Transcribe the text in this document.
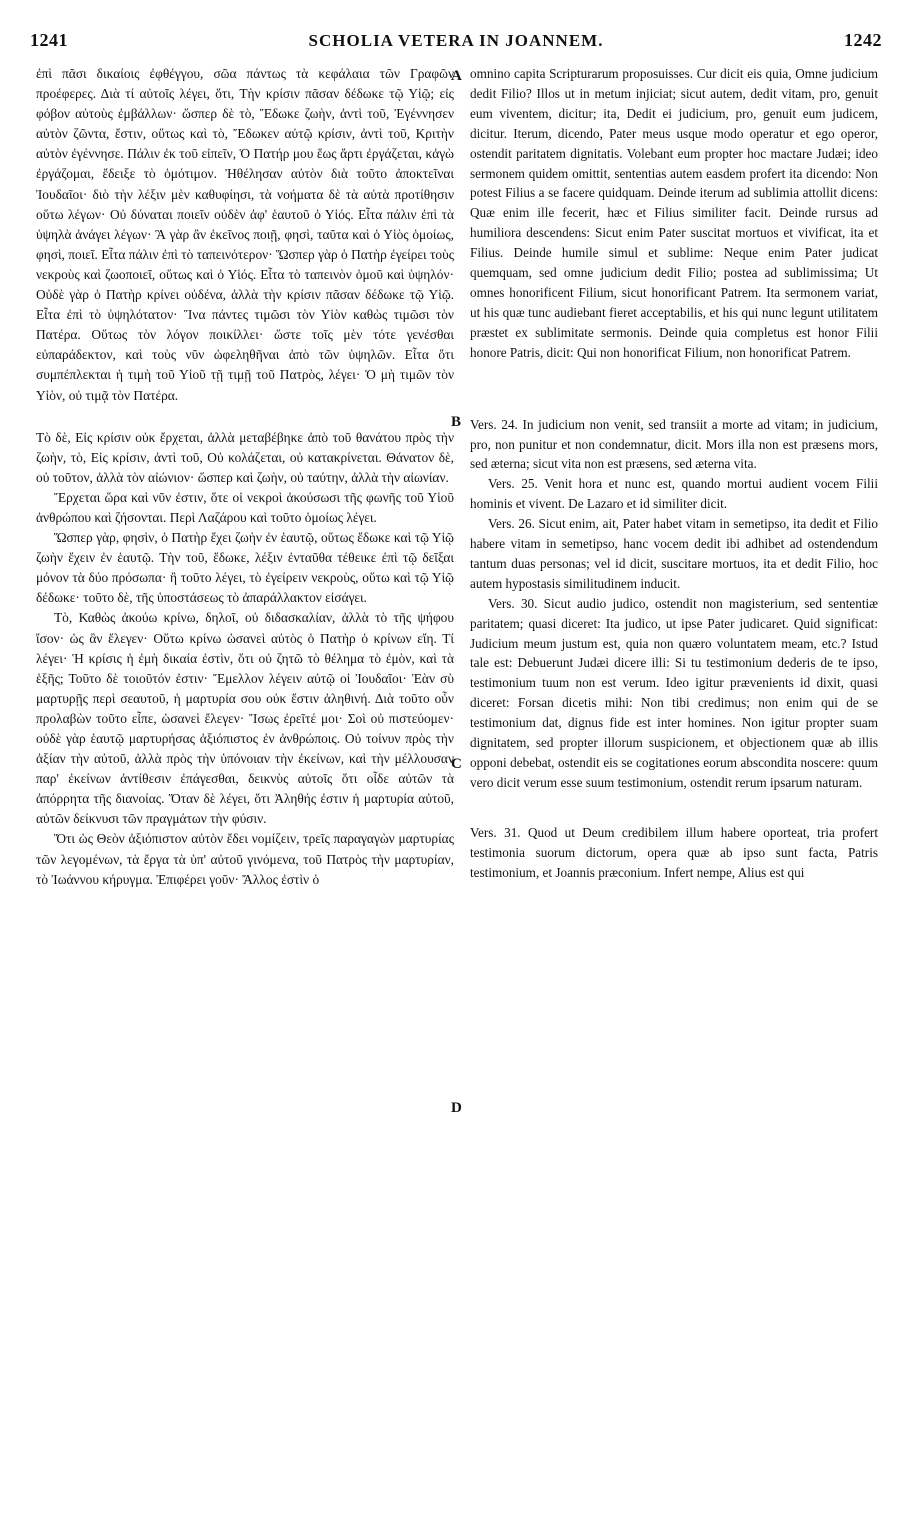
1241	SCHOLIA VETERA IN JOANNEM.	1242

ἐπὶ πᾶσι δικαίοις ἐφθέγγου, σῶα πάντως τὰ κεφάλαια τῶν Γραφῶν προέφερες. Διὰ τί αὐτοῖς λέγει, ὅτι, Τὴν κρίσιν πᾶσαν δέδωκε τῷ Υἱῷ; εἰς φόβον αὐτοὺς ἐμβάλλων· ὥσπερ δὲ τὸ, Ἔδωκε ζωὴν, ἀντὶ τοῦ, Ἐγέννησεν αὐτὸν ζῶντα, ἔστιν, οὕτως καὶ τὸ, Ἔδωκεν αὐτῷ κρίσιν, ἀντὶ τοῦ, Κριτὴν αὐτὸν ἐγέννησε. Πάλιν ἐκ τοῦ εἰπεῖν, Ὁ Πατήρ μου ἕως ἄρτι ἐργάζεται, κἀγὼ ἐργάζομαι, ἔδειξε τὸ ὁμότιμον. Ἠθέλησαν αὐτὸν διὰ τοῦτο ἀποκτεῖναι Ἰουδαῖοι· διὸ τὴν λέξιν μὲν καθυφίησι, τὰ νοήματα δὲ τὰ αὐτὰ προτίθησιν οὕτω λέγων· Οὐ δύναται ποιεῖν οὐδὲν ἀφ' ἑαυτοῦ ὁ Υἱός. Εἶτα πάλιν ἐπὶ τὰ ὑψηλὰ ἀνάγει λέγων· Ἃ γὰρ ἂν ἐκεῖνος ποιῇ, φησὶ, ταῦτα καὶ ὁ Υἱὸς ὁμοίως, φησὶ, ποιεῖ. Εἶτα πάλιν ἐπὶ τὸ ταπεινότερον· Ὥσπερ γὰρ ὁ Πατὴρ ἐγείρει τοὺς νεκροὺς καὶ ζωοποιεῖ, οὕτως καὶ ὁ Υἱός. Εἶτα τὸ ταπεινὸν ὁμοῦ καὶ ὑψηλόν· Οὐδὲ γὰρ ὁ Πατὴρ κρίνει οὐδένα, ἀλλὰ τὴν κρίσιν πᾶσαν δέδωκε τῷ Υἱῷ. Εἶτα ἐπὶ τὸ ὑψηλότατον· Ἵνα πάντες τιμῶσι τὸν Υἱὸν καθὼς τιμῶσι τὸν Πατέρα. Οὕτως τὸν λόγον ποικίλλει· ὥστε τοῖς μὲν τότε γενέσθαι εὐπαράδεκτον, καὶ τοὺς νῦν ὠφεληθῆναι ἀπὸ τῶν ὑψηλῶν. Εἶτα ὅτι συμπέπλεκται ἡ τιμὴ τοῦ Υἱοῦ τῇ τιμῇ τοῦ Πατρὸς, λέγει· Ὁ μὴ τιμῶν τὸν Υἱὸν, οὐ τιμᾷ τὸν Πατέρα.

Τὸ δὲ, Εἰς κρίσιν οὐκ ἔρχεται, ἀλλὰ μεταβέβηκε ἀπὸ τοῦ θανάτου πρὸς τὴν ζωὴν, τὸ, Εἰς κρίσιν, ἀντὶ τοῦ, Οὐ κολάζεται, οὐ κατακρίνεται. Θάνατον δὲ, οὐ τοῦτον, ἀλλὰ τὸν αἰώνιον· ὥσπερ καὶ ζωὴν, οὐ ταύτην, ἀλλὰ τὴν αἰωνίαν.

Ἔρχεται ὥρα καὶ νῦν ἐστιν, ὅτε οἱ νεκροὶ ἀκούσωσι τῆς φωνῆς τοῦ Υἱοῦ ἀνθρώπου καὶ ζήσονται. Περὶ Λαζάρου καὶ τοῦτο ὁμοίως λέγει.

Ὥσπερ γὰρ, φησὶν, ὁ Πατὴρ ἔχει ζωὴν ἐν ἑαυτῷ, οὕτως ἔδωκε καὶ τῷ Υἱῷ ζωὴν ἔχειν ἐν ἑαυτῷ. Τὴν τοῦ, ἔδωκε, λέξιν ἐνταῦθα τέθεικε ἐπὶ τῷ δεῖξαι μόνον τὰ δύο πρόσωπα· ἢ τοῦτο λέγει, τὸ ἐγείρειν νεκροὺς, οὕτω καὶ τῷ Υἱῷ δέδωκε· τοῦτο δὲ, τῆς ὑποστάσεως τὸ ἀπαράλλακτον εἰσάγει.

Τὸ, Καθὼς ἀκούω κρίνω, δηλοῖ, οὐ διδασκαλίαν, ἀλλὰ τὸ τῆς ψήφου ἴσον· ὡς ἂν ἔλεγεν· Οὕτω κρίνω ὡσανεὶ αὐτὸς ὁ Πατὴρ ὁ κρίνων εἴη. Τί λέγει· Ἡ κρίσις ἡ ἐμὴ δικαία ἐστὶν, ὅτι οὐ ζητῶ τὸ θέλημα τὸ ἐμὸν, καὶ τὰ ἑξῆς; Τοῦτο δὲ τοιοῦτόν ἐστιν· Ἔμελλον λέγειν αὐτῷ οἱ Ἰουδαῖοι· Ἐὰν σὺ μαρτυρῇς περὶ σεαυτοῦ, ἡ μαρτυρία σου οὐκ ἔστιν ἀληθινή. Διὰ τοῦτο οὖν προλαβὼν τοῦτο εἶπε, ὡσανεὶ ἔλεγεν· Ἴσως ἐρεῖτέ μοι· Σοὶ οὐ πιστεύομεν· οὐδὲ γὰρ ἑαυτῷ μαρτυρήσας ἀξιόπιστος ἐν ἀνθρώποις. Οὐ τοίνυν πρὸς τὴν ἀξίαν τὴν αὐτοῦ, ἀλλὰ πρὸς τὴν ὑπόνοιαν τὴν ἐκείνων, καὶ τὴν μέλλουσαν παρ' ἐκείνων ἀντίθεσιν ἐπάγεσθαι, δεικνὺς αὐτοῖς ὅτι οἶδε αὐτῶν τὰ ἀπόρρητα τῆς διανοίας. Ὅταν δὲ λέγει, ὅτι Ἀληθής ἐστιν ἡ μαρτυρία αὐτοῦ, αὐτῶν δείκνυσι τῶν πραγμάτων τὴν φύσιν.

Ὅτι ὡς Θεὸν ἀξιόπιστον αὐτὸν ἔδει νομίζειν, τρεῖς παραγαγὼν μαρτυρίας τῶν λεγομένων, τὰ ἔργα τὰ ὑπ' αὐτοῦ γινόμενα, τοῦ Πατρὸς τὴν μαρτυρίαν, τὸ Ἰωάννου κήρυγμα. Ἐπιφέρει γοῦν· Ἄλλος ἐστὶν ὁ

A
B
C
D

omnino capita Scripturarum proposuisses. Cur dicit eis quia, Omne judicium dedit Filio? Illos ut in metum injiciat; sicut autem, dedit vitam, pro, genuit eum viventem, dicitur; ita, Dedit ei judicium, pro, genuit eum judicem, dicitur. Iterum, dicendo, Pater meus usque modo operatur et ego operor, ostendit paritatem dignitatis. Volebant eum propter hoc mactare Judæi; ideo sermonem quidem omittit, sententias autem easdem profert ita dicendo: Non potest Filius a se facere quidquam. Deinde iterum ad sublimia attollit dicens: Quæ enim ille fecerit, hæc et Filius similiter facit. Deinde rursus ad humiliora descendens: Sicut enim Pater suscitat mortuos et vivificat, ita et Filius. Deinde humile simul et sublime: Neque enim Pater judicat quemquam, sed omne judicium dedit Filio; postea ad sublimissima; Ut omnes honorificent Filium, sicut honorificant Patrem. Ita sermonem variat, ut his quæ tunc audiebant fieret acceptabilis, et his qui nunc legunt utilitatem præstet ex sublimitate sermonis. Deinde quia completus est honor Filii honore Patris, dicit: Qui non honorificat Filium, non honorificat Patrem.

Vers. 24. In judicium non venit, sed transiit a morte ad vitam; in judicium, pro, non punitur et non condemnatur, dicit. Mors illa non est præsens mors, sed æterna; sicut vita non est præsens, sed æterna vita.

Vers. 25. Venit hora et nunc est, quando mortui audient vocem Filii hominis et vivent. De Lazaro et id similiter dicit.

Vers. 26. Sicut enim, ait, Pater habet vitam in semetipso, ita dedit et Filio habere vitam in semetipso, hanc vocem dedit ibi adhibet ad ostendendum tantum duas personas; vel id dicit, suscitare mortuos, ita et dedit Filio, hoc autem hypostasis similitudinem inducit.

Vers. 30. Sicut audio judico, ostendit non magisterium, sed sententiæ paritatem; quasi diceret: Ita judico, ut ipse Pater judicaret. Quid significat: Judicium meum justum est, quia non quæro voluntatem meam, etc.? Istud tale est: Debuerunt Judæi dicere illi: Si tu testimonium dederis de te ipso, testimonium tuum non est verum. Ideo igitur prævenients id dixit, quasi diceret: Forsan dicetis mihi: Non tibi credimus; non enim qui de se testimonium dat, dignus fide est inter homines. Non igitur propter suam dignitatem, sed propter illorum suspicionem, et objectionem quæ ab illis opponi debebat, ostendit eis se cogitationes eorum abscondita noscere: quum vero dicit verum esse suum testimonium, ostendit rerum ipsarum naturam.

Vers. 31. Quod ut Deum credibilem illum habere oporteat, tria profert testimonia suorum dictorum, opera quæ ab ipso sunt facta, Patris testimonium, et Joannis præconium. Infert nempe, Alius est qui
